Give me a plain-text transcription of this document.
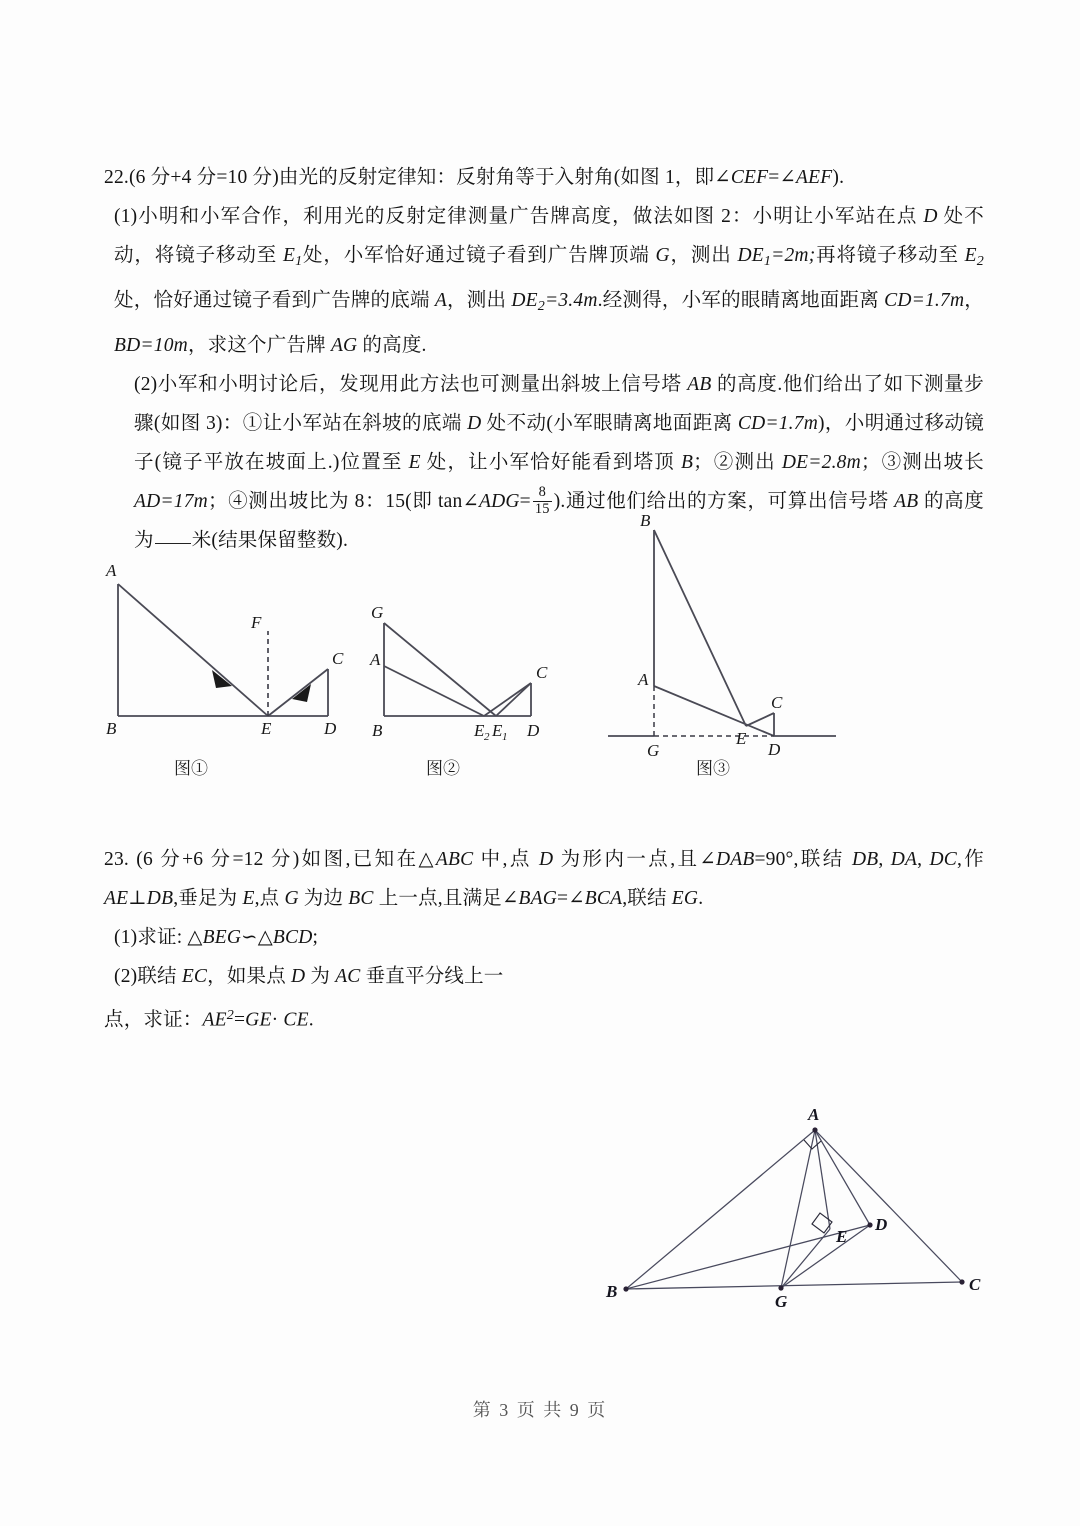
22.(6 分+4 分=10 分)由光的反射定律知：反射角等于入射角(如图 1，即∠CEF=∠AEF).

(1)小明和小军合作，利用光的反射定律测量广告牌高度，做法如图 2：小明让小军站在点 D 处不动，将镜子移动至 $E_1$处，小军恰好通过镜子看到广告牌顶端 G，测出 $DE_1=2m$;再将镜子移动至 $E_2$处，恰好通过镜子看到广告牌的底端 A，测出 $DE_2=3.4m$.经测得，小军的眼睛离地面距离 CD=1.7m，BD=10m，求这个广告牌 AG 的高度.

(2)小军和小明讨论后，发现用此方法也可测量出斜坡上信号塔 AB 的高度.他们给出了如下测量步骤(如图 3)：①让小军站在斜坡的底端 D 处不动(小军眼睛离地面距离 CD=1.7m)，小明通过移动镜子(镜子平放在坡面上.)位置至 E 处，让小军恰好能看到塔顶 B；②测出 DE=2.8m；③测出坡长 AD=17m；④测出坡比为 8：15(即 tan∠ADG= $\frac{8}{15}$ ).通过他们给出的方案，可算出信号塔 AB 的高度为 米(结果保留整数).

A
B
C
D
E
F
图①
G
A
B
C
D
E 2 E 1
图②
B
A
C
D
E
G
图③

23. (6 分+6 分=12 分)如图,已知在△ABC 中,点 D 为形内一点,且∠DAB=90°,联结 DB, DA, DC,作 AE⊥DB,垂足为 E,点 G 为边 BC 上一点,且满足∠BAG=∠BCA,联结 EG.

(1)求证: △BEG∽△BCD;

(2)联结 EC，如果点 D 为 AC 垂直平分线上一

点，求证：$AE^2=GE\cdot$ CE.

A
B	C
D
E
G
第 3 页 共 9 页
